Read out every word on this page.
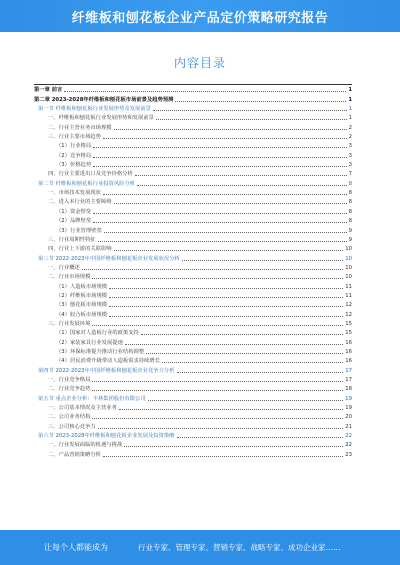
纤维板和刨花板企业产品定价策略研究报告
内容目录
第一章 前言	1
第二章 2023-2028年纤维板和刨花板市场前景及趋势预测	1
第一节 纤维板和刨花板行业发展形势及发展前景	1
一、纤维板和刨花板行业发展形势和发展前景	1
二、行业主营业务市场规模	2
三、行业主要市场趋势	2
（1）行业格局	3
（2）竞争格局	3
（3）价格趋势	3
四、行业主要进出口及竞争价格分析	7
第二节 纤维板和刨花板行业投资风险分析	8
一、市场技术发展现状	8
二、进入本行业的主要障碍	8
（1）资金壁垒	8
（2）品牌壁垒	8
（3）行业管理壁垒	9
三、行业周期性特征	9
四、行业上下游的关联影响	10
第三节 2022-2023年中国纤维板和刨花板企业发展状况分析	10
一、行业概述	10
二、行业市场规模	10
（1）人造板市场规模	11
（2）纤维板市场规模	11
（3）刨花板市场规模	12
（4）胶合板市场规模	12
三、行业发展环境	15
（1）国家对人造板行业的政策支持	15
（2）家装家具行业发展提速	16
（3）环保标准提升推动行业结构调整	16
（4）居民消费升级带动人造板需求持续增长	16
第四节 2022-2023年中国纤维板和刨花板企业竞争力分析	17
一、行业竞争格局	17
二、行业竞争趋势	18
第五节 重点企业分析：丰林集团股份有限公司	19
一、公司基本情况及主营业务	19
二、公司业务结构	20
三、公司核心竞争力	21
第六节 2023-2028年纤维板和刨花板企业发展及投资策略	22
一、行业发展面临的机遇与挑战	22
二、产品营销策略分析	23
让每个人都能成为	行业专家、管理专家、营销专家、战略专家、成功企业家……
